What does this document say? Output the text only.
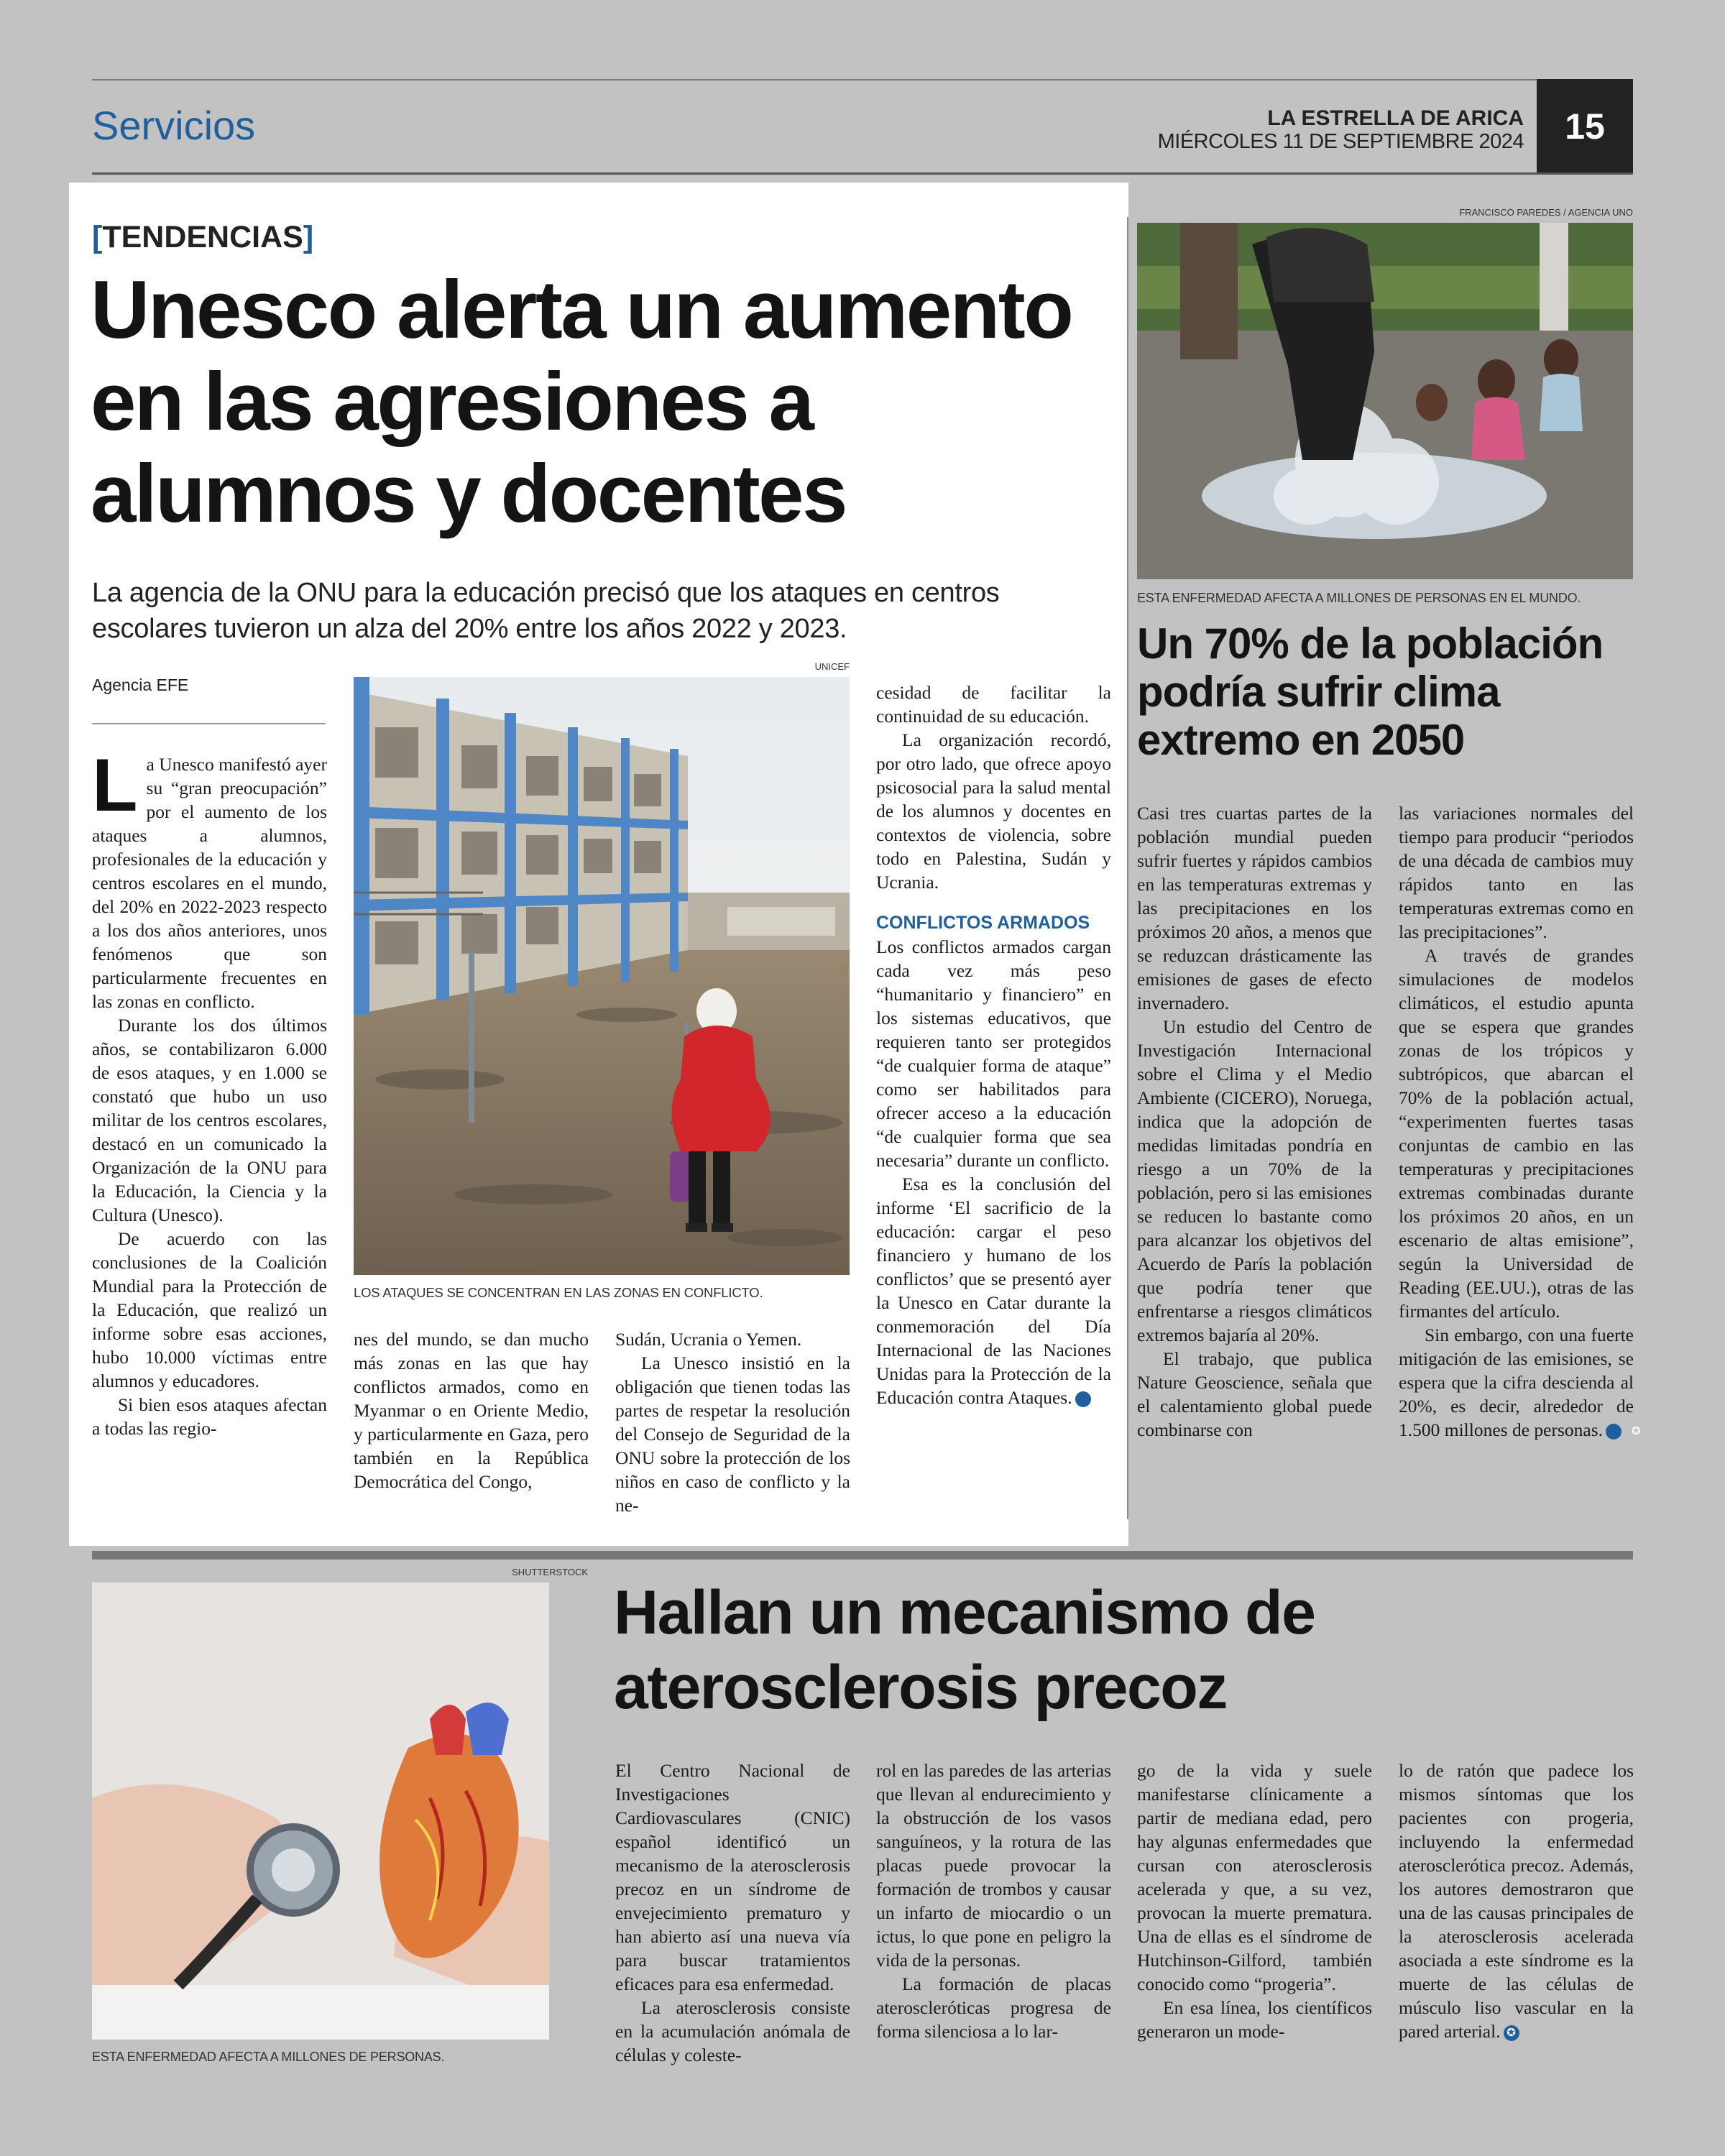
Servicios	LA ESTRELLA DE ARICA
MIÉRCOLES 11 DE SEPTIEMBRE 2024	15
[TENDENCIAS]
Unesco alerta un aumento
en las agresiones a
alumnos y docentes
La agencia de la ONU para la educación precisó que los ataques en centros
escolares tuvieron un alza del 20% entre los años 2022 y 2023.
Agencia EFE
UNICEF
LOS ATAQUES SE CONCENTRAN EN LAS ZONAS EN CONFLICTO.

La Unesco manifestó ayer su “gran preocupación” por el aumento de los ataques a alumnos, profesionales de la educación y centros escolares en el mundo, del 20% en 2022-2023 respecto a los dos años anteriores, unos fenómenos que son particularmente frecuentes en las zonas en conflicto.

Durante los dos últimos años, se contabilizaron 6.000 de esos ataques, y en 1.000 se constató que hubo un uso militar de los centros escolares, destacó en un comunicado la Organización de la ONU para la Educación, la Ciencia y la Cultura (Unesco).

De acuerdo con las conclusiones de la Coalición Mundial para la Protección de la Educación, que realizó un informe sobre esas acciones, hubo 10.000 víctimas entre alumnos y educadores.

Si bien esos ataques afectan a todas las regio-

nes del mundo, se dan mucho más zonas en las que hay conflictos armados, como en Myanmar o en Oriente Medio, y particularmente en Gaza, pero también en la República Democrática del Congo,

Sudán, Ucrania o Yemen.

La Unesco insistió en la obligación que tienen todas las partes de respetar la resolución del Consejo de Seguridad de la ONU sobre la protección de los niños en caso de conflicto y la ne-

cesidad de facilitar la continuidad de su educación.

La organización recordó, por otro lado, que ofrece apoyo psicosocial para la salud mental de los alumnos y docentes en contextos de violencia, sobre todo en Palestina, Sudán y Ucrania.

CONFLICTOS ARMADOS

Los conflictos armados cargan cada vez más peso “humanitario y financiero” en los sistemas educativos, que requieren tanto ser protegidos “de cualquier forma de ataque” como ser habilitados para ofrecer acceso a la educación “de cualquier forma que sea necesaria” durante un conflicto.

Esa es la conclusión del informe ‘El sacrificio de la educación: cargar el peso financiero y humano de los conflictos’ que se presentó ayer la Unesco en Catar durante la conmemoración del Día Internacional de las Naciones Unidas para la Protección de la Educación contra Ataques.	✪

FRANCISCO PAREDES / AGENCIA UNO
ESTA ENFERMEDAD AFECTA A MILLONES DE PERSONAS EN EL MUNDO.
Un 70% de la población
podría sufrir clima
extremo en 2050

Casi tres cuartas partes de la población mundial pueden sufrir fuertes y rápidos cambios en las temperaturas extremas y las precipitaciones en los próximos 20 años, a menos que se reduzcan drásticamente las emisiones de gases de efecto invernadero.

Un estudio del Centro de Investigación Internacional sobre el Clima y el Medio Ambiente (CICERO), Noruega, indica que la adopción de medidas limitadas pondría en riesgo a un 70% de la población, pero si las emisiones se reducen lo bastante como para alcanzar los objetivos del Acuerdo de París la población que podría tener que enfrentarse a riesgos climáticos extremos bajaría al 20%.

El trabajo, que publica Nature Geoscience, señala que el calentamiento global puede combinarse con

las variaciones normales del tiempo para producir “periodos de una década de cambios muy rápidos tanto en las temperaturas extremas como en las precipitaciones”.

A través de grandes simulaciones de modelos climáticos, el estudio apunta que se espera que grandes zonas de los trópicos y subtrópicos, que abarcan el 70% de la población actual, “experimenten fuertes tasas conjuntas de cambio en las temperaturas y precipitaciones extremas combinadas durante los próximos 20 años, en un escenario de altas emisione”, según la Universidad de Reading (EE.UU.), otras de las firmantes del artículo.

Sin embargo, con una fuerte mitigación de las emisiones, se espera que la cifra descienda al 20%, es decir, alrededor de 1.500 millones de personas.	✪

SHUTTERSTOCK
ESTA ENFERMEDAD AFECTA A MILLONES DE PERSONAS.
Hallan un mecanismo de
aterosclerosis precoz

El Centro Nacional de Investigaciones Cardiovasculares (CNIC) español identificó un mecanismo de la aterosclerosis precoz en un síndrome de envejecimiento prematuro y han abierto así una nueva vía para buscar tratamientos eficaces para esa enfermedad.

La aterosclerosis consiste en la acumulación anómala de células y coleste-

rol en las paredes de las arterias que llevan al endurecimiento y la obstrucción de los vasos sanguíneos, y la rotura de las placas puede provocar la formación de trombos y causar un infarto de miocardio o un ictus, lo que pone en peligro la vida de la personas.

La formación de placas ateroscleróticas progresa de forma silenciosa a lo lar-

go de la vida y suele manifestarse clínicamente a partir de mediana edad, pero hay algunas enfermedades que cursan con aterosclerosis acelerada y que, a su vez, provocan la muerte prematura. Una de ellas es el síndrome de Hutchinson-Gilford, también conocido como “progeria”.

En esa línea, los científicos generaron un mode-

lo de ratón que padece los mismos síntomas que los pacientes con progeria, incluyendo la enfermedad aterosclerótica precoz. Además, los autores demostraron que una de las causas principales de la aterosclerosis acelerada asociada a este síndrome es la muerte de las células de músculo liso vascular en la pared arterial. ✪
